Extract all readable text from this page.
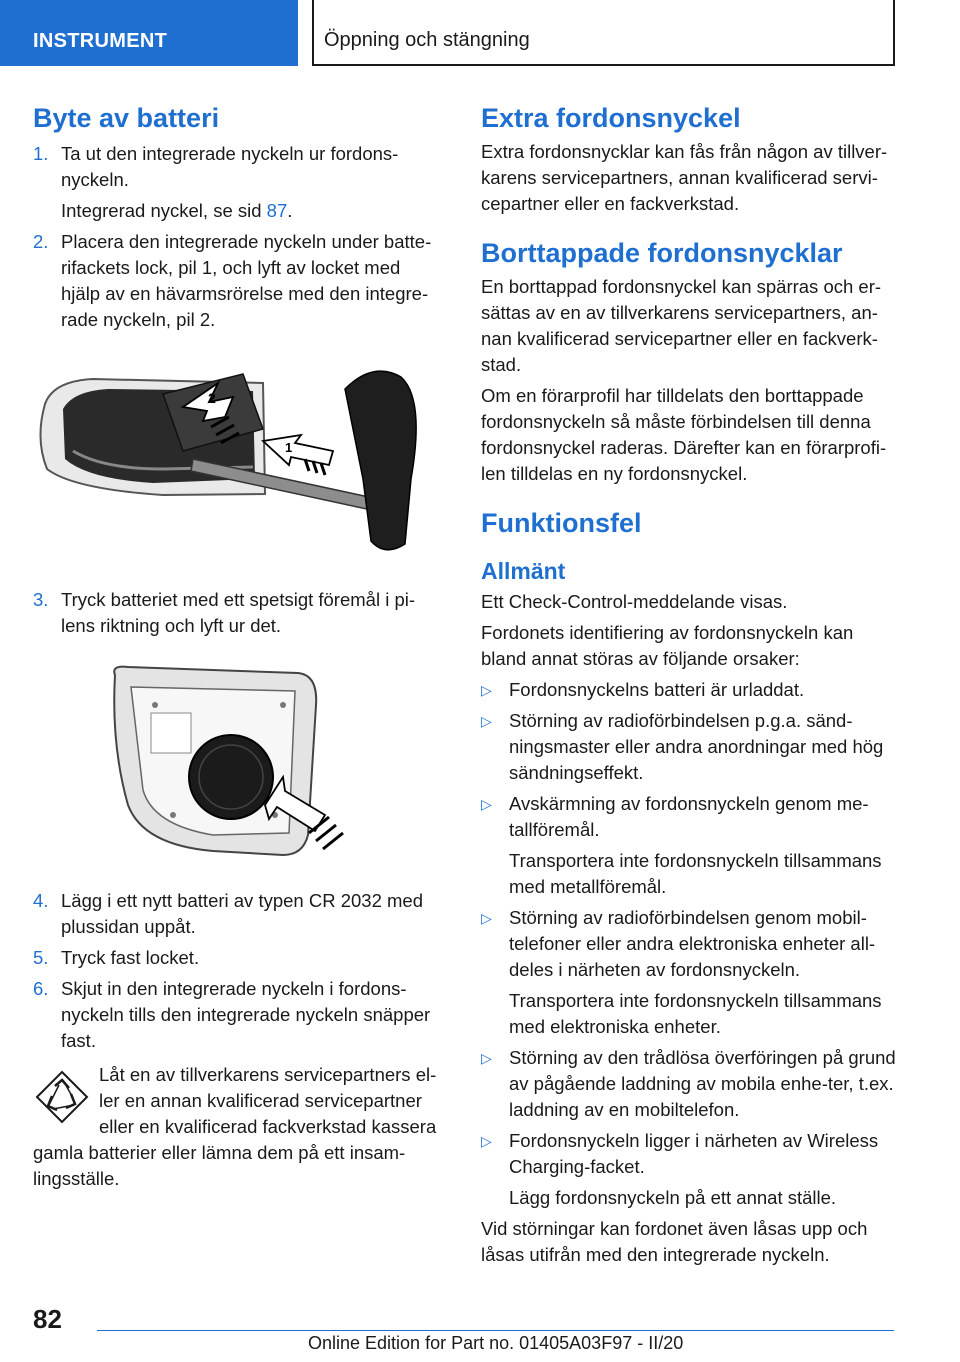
INSTRUMENT	Öppning och stängning
Byte av batteri
1. Ta ut den integrerade nyckeln ur fordons‐nyckeln.
Integrerad nyckel, se sid 87.
2. Placera den integrerade nyckeln under batte‐rifackets lock, pil 1, och lyft av locket med hjälp av en hävarmsrörelse med den integre‐rade nyckeln, pil 2.
2
1
3. Tryck batteriet med ett spetsigt föremål i pi‐lens riktning och lyft ur det.
4. Lägg i ett nytt batteri av typen CR 2032 med plussidan uppåt.
5. Tryck fast locket.
6. Skjut in den integrerade nyckeln i fordons‐nyckeln tills den integrerade nyckeln snäpper fast.
Låt en av tillverkarens servicepartners el‐ler en annan kvalificerad servicepartner eller en kvalificerad fackverkstad kassera gamla batterier eller lämna dem på ett insam‐lingsställe.
Extra fordonsnyckel

Extra fordonsnycklar kan fås från någon av tillver‐karens servicepartners, annan kvalificerad servi‐cepartner eller en fackverkstad.

Borttappade fordonsnycklar

En borttappad fordonsnyckel kan spärras och er‐sättas av en av tillverkarens servicepartners, an‐nan kvalificerad servicepartner eller en fackverk‐stad.

Om en förarprofil har tilldelats den borttappade fordonsnyckeln så måste förbindelsen till denna fordonsnyckel raderas. Därefter kan en förarprofi‐len tilldelas en ny fordonsnyckel.

Funktionsfel
Allmänt

Ett Check-Control-meddelande visas.

Fordonets identifiering av fordonsnyckeln kan bland annat störas av följande orsaker:

▷ Fordonsnyckelns batteri är urladdat.
▷ Störning av radioförbindelsen p.g.a. sänd‐ningsmaster eller andra anordningar med hög sändningseffekt.
▷ Avskärmning av fordonsnyckeln genom me‐tallföremål.

Transportera inte fordonsnyckeln tillsammans med metallföremål.

▷ Störning av radioförbindelsen genom mobil‐telefoner eller andra elektroniska enheter all‐deles i närheten av fordonsnyckeln.

Transportera inte fordonsnyckeln tillsammans med elektroniska enheter.

▷ Störning av den trådlösa överföringen på grund av pågående laddning av mobila enhe‐ter, t.ex. laddning av en mobiltelefon.
▷ Fordonsnyckeln ligger i närheten av Wireless Charging-facket.

Lägg fordonsnyckeln på ett annat ställe.

Vid störningar kan fordonet även låsas upp och låsas utifrån med den integrerade nyckeln.

82
Online Edition for Part no. 01405A03F97 - II/20
